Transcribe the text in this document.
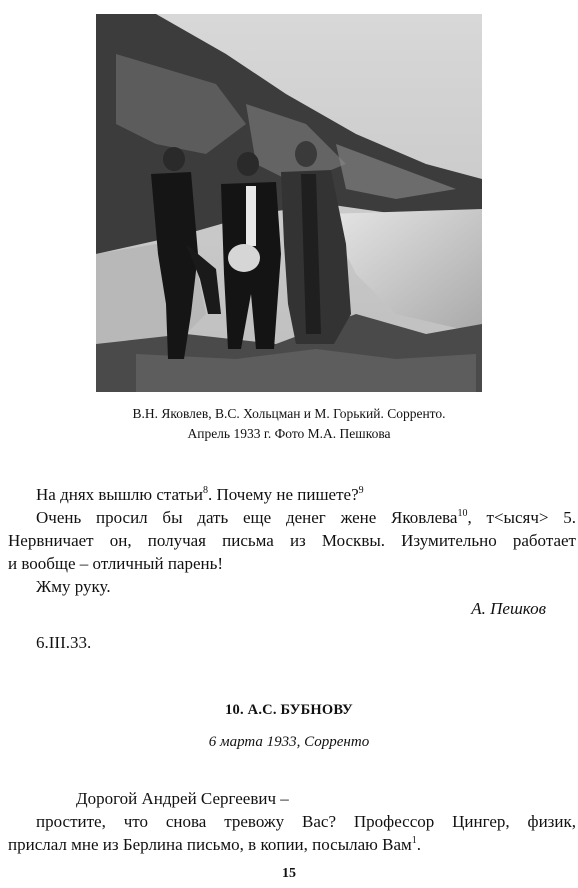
В.Н. Яковлев, В.С. Хольцман и М. Горький. Сорренто.
Апрель 1933 г. Фото М.А. Пешкова
На днях вышлю статьи$^8$. Почему не пишете?$^9$
Очень просил бы дать еще денег жене Яковлева$^{10}$, т<ысяч> 5.
Нервничает он, получая письма из Москвы. Изумительно работает
и вообще – отличный парень!
Жму руку.
А. Пешков
6.III.33.
10. А.С. БУБНОВУ
6 марта 1933, Сорренто
Дорогой Андрей Сергеевич –
простите, что снова тревожу Вас? Профессор Цингер, физик,
прислал мне из Берлина письмо, в копии, посылаю Вам$^1$.
15
